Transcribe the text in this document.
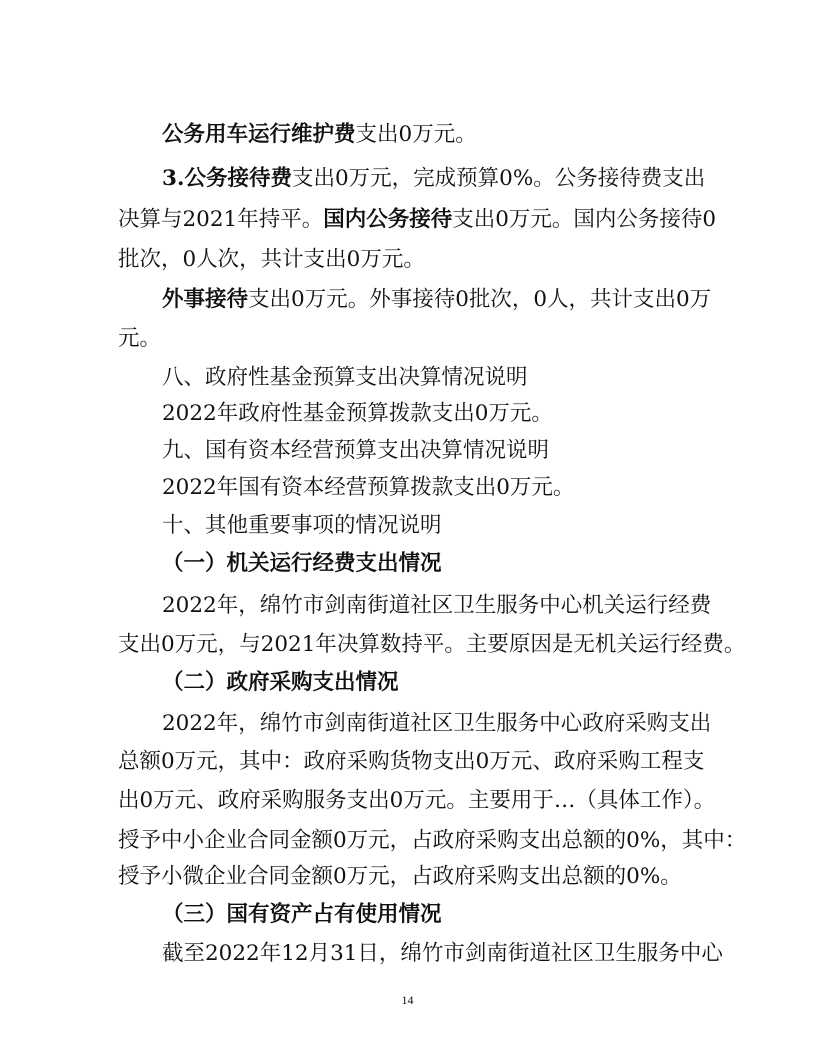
公务用车运行维护费支出0万元。
3.公务接待费支出0万元，完成预算0%。公务接待费支出
决算与2021年持平。国内公务接待支出0万元。国内公务接待0
批次，0人次，共计支出0万元。
外事接待支出0万元。外事接待0批次，0人，共计支出0万
元。
八、政府性基金预算支出决算情况说明
2022年政府性基金预算拨款支出0万元。
九、国有资本经营预算支出决算情况说明
2022年国有资本经营预算拨款支出0万元。
十、其他重要事项的情况说明
（一）机关运行经费支出情况
2022年，绵竹市剑南街道社区卫生服务中心机关运行经费
支出0万元，与2021年决算数持平。主要原因是无机关运行经费。
（二）政府采购支出情况
2022年，绵竹市剑南街道社区卫生服务中心政府采购支出
总额0万元，其中：政府采购货物支出0万元、政府采购工程支
出0万元、政府采购服务支出0万元。主要用于…（具体工作）。
授予中小企业合同金额0万元，占政府采购支出总额的0%，其中：
授予小微企业合同金额0万元，占政府采购支出总额的0%。
（三）国有资产占有使用情况
截至2022年12月31日，绵竹市剑南街道社区卫生服务中心
14
